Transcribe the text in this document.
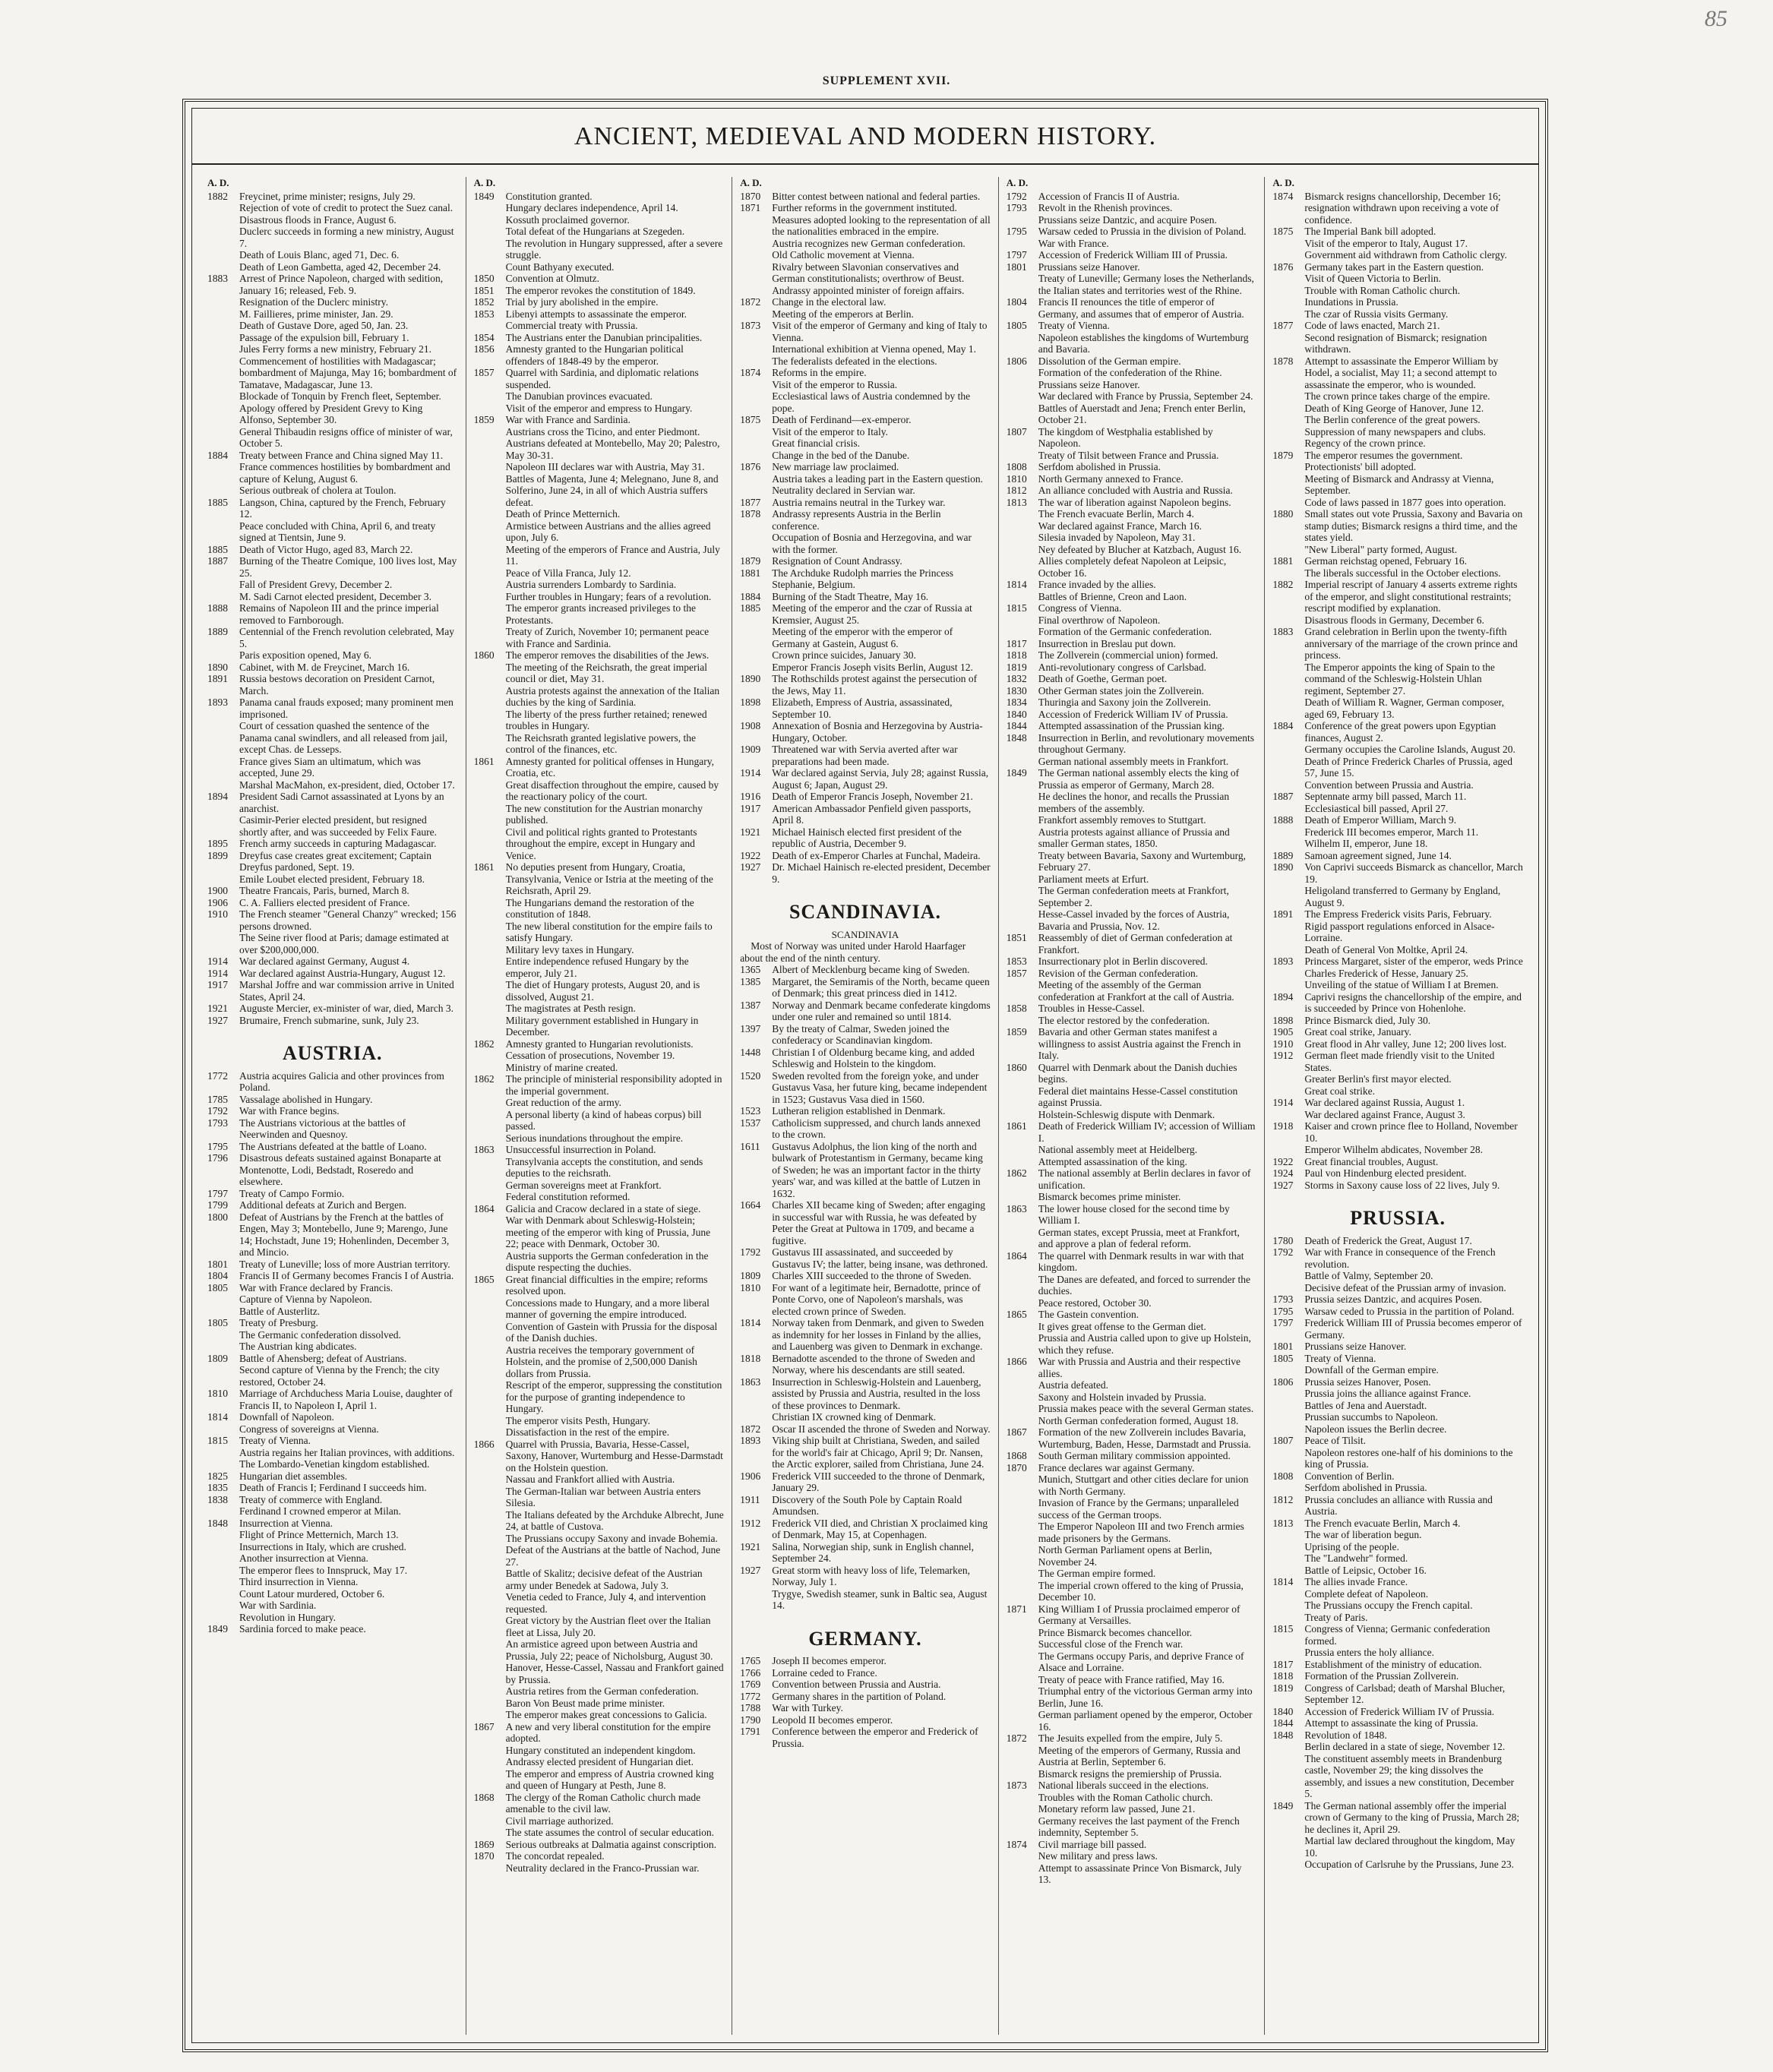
85
SUPPLEMENT XVII.
ANCIENT, MEDIEVAL AND MODERN HISTORY.
A. D.
1882	Freycinet, prime minister; resigns, July 29.
Rejection of vote of credit to protect the Suez canal.
Disastrous floods in France, August 6.
Duclerc succeeds in forming a new ministry, August 7.
Death of Louis Blanc, aged 71, Dec. 6.
Death of Leon Gambetta, aged 42, December 24.
1883	Arrest of Prince Napoleon, charged with sedition, January 16; released, Feb. 9.
Resignation of the Duclerc ministry.
M. Faillieres, prime minister, Jan. 29.
Death of Gustave Dore, aged 50, Jan. 23.
Passage of the expulsion bill, February 1.
Jules Ferry forms a new ministry, February 21.
Commencement of hostilities with Madagascar; bombardment of Majunga, May 16; bombardment of Tamatave, Madagascar, June 13.
Blockade of Tonquin by French fleet, September.
Apology offered by President Grevy to King Alfonso, September 30.
General Thibaudin resigns office of minister of war, October 5.
1884	Treaty between France and China signed May 11.
France commences hostilities by bombardment and capture of Kelung, August 6.
Serious outbreak of cholera at Toulon.
1885	Langson, China, captured by the French, February 12.
Peace concluded with China, April 6, and treaty signed at Tientsin, June 9.
1885	Death of Victor Hugo, aged 83, March 22.
1887	Burning of the Theatre Comique, 100 lives lost, May 25.
Fall of President Grevy, December 2.
M. Sadi Carnot elected president, December 3.
1888	Remains of Napoleon III and the prince imperial removed to Farnborough.
1889	Centennial of the French revolution celebrated, May 5.
Paris exposition opened, May 6.
1890	Cabinet, with M. de Freycinet, March 16.
1891	Russia bestows decoration on President Carnot, March.
1893	Panama canal frauds exposed; many prominent men imprisoned.
Court of cessation quashed the sentence of the Panama canal swindlers, and all released from jail, except Chas. de Lesseps.
France gives Siam an ultimatum, which was accepted, June 29.
Marshal MacMahon, ex-president, died, October 17.
1894	President Sadi Carnot assassinated at Lyons by an anarchist.
Casimir-Perier elected president, but resigned shortly after, and was succeeded by Felix Faure.
1895	French army succeeds in capturing Madagascar.
1899	Dreyfus case creates great excitement; Captain Dreyfus pardoned, Sept. 19.
Emile Loubet elected president, February 18.
1900	Theatre Francais, Paris, burned, March 8.
1906	C. A. Falliers elected president of France.
1910	The French steamer "General Chanzy" wrecked; 156 persons drowned.
The Seine river flood at Paris; damage estimated at over $200,000,000.
1914	War declared against Germany, August 4.
1914	War declared against Austria-Hungary, August 12.
1917	Marshal Joffre and war commission arrive in United States, April 24.
1921	Auguste Mercier, ex-minister of war, died, March 3.
1927	Brumaire, French submarine, sunk, July 23.
AUSTRIA.
1772	Austria acquires Galicia and other provinces from Poland.
1785	Vassalage abolished in Hungary.
1792	War with France begins.
1793	The Austrians victorious at the battles of Neerwinden and Quesnoy.
1795	The Austrians defeated at the battle of Loano.
1796	Disastrous defeats sustained against Bonaparte at Montenotte, Lodi, Bedstadt, Roseredo and elsewhere.
1797	Treaty of Campo Formio.
1799	Additional defeats at Zurich and Bergen.
1800	Defeat of Austrians by the French at the battles of Engen, May 3; Montebello, June 9; Marengo, June 14; Hochstadt, June 19; Hohenlinden, December 3, and Mincio.
1801	Treaty of Luneville; loss of more Austrian territory.
1804	Francis II of Germany becomes Francis I of Austria.
1805	War with France declared by Francis.
Capture of Vienna by Napoleon.
Battle of Austerlitz.
1805	Treaty of Presburg.
The Germanic confederation dissolved.
The Austrian king abdicates.
1809	Battle of Ahensberg; defeat of Austrians.
Second capture of Vienna by the French; the city restored, October 24.
1810	Marriage of Archduchess Maria Louise, daughter of Francis II, to Napoleon I, April 1.
1814	Downfall of Napoleon.
Congress of sovereigns at Vienna.
1815	Treaty of Vienna.
Austria regains her Italian provinces, with additions.
The Lombardo-Venetian kingdom established.
1825	Hungarian diet assembles.
1835	Death of Francis I; Ferdinand I succeeds him.
1838	Treaty of commerce with England.
Ferdinand I crowned emperor at Milan.
1848	Insurrection at Vienna.
Flight of Prince Metternich, March 13.
Insurrections in Italy, which are crushed.
Another insurrection at Vienna.
The emperor flees to Innspruck, May 17.
Third insurrection in Vienna.
Count Latour murdered, October 6.
War with Sardinia.
Revolution in Hungary.
1849	Sardinia forced to make peace.
A. D.
1849	Constitution granted.
Hungary declares independence, April 14.
Kossuth proclaimed governor.
Total defeat of the Hungarians at Szegeden.
The revolution in Hungary suppressed, after a severe struggle.
Count Bathyany executed.
1850	Convention at Olmutz.
1851	The emperor revokes the constitution of 1849.
1852	Trial by jury abolished in the empire.
1853	Libenyi attempts to assassinate the emperor.
Commercial treaty with Prussia.
1854	The Austrians enter the Danubian principalities.
1856	Amnesty granted to the Hungarian political offenders of 1848-49 by the emperor.
1857	Quarrel with Sardinia, and diplomatic relations suspended.
The Danubian provinces evacuated.
Visit of the emperor and empress to Hungary.
1859	War with France and Sardinia.
Austrians cross the Ticino, and enter Piedmont.
Austrians defeated at Montebello, May 20; Palestro, May 30-31.
Napoleon III declares war with Austria, May 31.
Battles of Magenta, June 4; Melegnano, June 8, and Solferino, June 24, in all of which Austria suffers defeat.
Death of Prince Metternich.
Armistice between Austrians and the allies agreed upon, July 6.
Meeting of the emperors of France and Austria, July 11.
Peace of Villa Franca, July 12.
Austria surrenders Lombardy to Sardinia.
Further troubles in Hungary; fears of a revolution.
The emperor grants increased privileges to the Protestants.
Treaty of Zurich, November 10; permanent peace with France and Sardinia.
1860	The emperor removes the disabilities of the Jews.
The meeting of the Reichsrath, the great imperial council or diet, May 31.
Austria protests against the annexation of the Italian duchies by the king of Sardinia.
The liberty of the press further retained; renewed troubles in Hungary.
The Reichsrath granted legislative powers, the control of the finances, etc.
1861	Amnesty granted for political offenses in Hungary, Croatia, etc.
Great disaffection throughout the empire, caused by the reactionary policy of the court.
The new constitution for the Austrian monarchy published.
Civil and political rights granted to Protestants throughout the empire, except in Hungary and Venice.
1861	No deputies present from Hungary, Croatia, Transylvania, Venice or Istria at the meeting of the Reichsrath, April 29.
The Hungarians demand the restoration of the constitution of 1848.
The new liberal constitution for the empire fails to satisfy Hungary.
Military levy taxes in Hungary.
Entire independence refused Hungary by the emperor, July 21.
The diet of Hungary protests, August 20, and is dissolved, August 21.
The magistrates at Pesth resign.
Military government established in Hungary in December.
1862	Amnesty granted to Hungarian revolutionists.
Cessation of prosecutions, November 19.
Ministry of marine created.
1862	The principle of ministerial responsibility adopted in the imperial government.
Great reduction of the army.
A personal liberty (a kind of habeas corpus) bill passed.
Serious inundations throughout the empire.
1863	Unsuccessful insurrection in Poland.
Transylvania accepts the constitution, and sends deputies to the reichsrath.
German sovereigns meet at Frankfort.
Federal constitution reformed.
1864	Galicia and Cracow declared in a state of siege.
War with Denmark about Schleswig-Holstein; meeting of the emperor with king of Prussia, June 22; peace with Denmark, October 30.
Austria supports the German confederation in the dispute respecting the duchies.
1865	Great financial difficulties in the empire; reforms resolved upon.
Concessions made to Hungary, and a more liberal manner of governing the empire introduced.
Convention of Gastein with Prussia for the disposal of the Danish duchies.
Austria receives the temporary government of Holstein, and the promise of 2,500,000 Danish dollars from Prussia.
Rescript of the emperor, suppressing the constitution for the purpose of granting independence to Hungary.
The emperor visits Pesth, Hungary.
Dissatisfaction in the rest of the empire.
1866	Quarrel with Prussia, Bavaria, Hesse-Cassel, Saxony, Hanover, Wurtemburg and Hesse-Darmstadt on the Holstein question.
Nassau and Frankfort allied with Austria.
The German-Italian war between Austria enters Silesia.
The Italians defeated by the Archduke Albrecht, June 24, at battle of Custova.
The Prussians occupy Saxony and invade Bohemia.
Defeat of the Austrians at the battle of Nachod, June 27.
Battle of Skalitz; decisive defeat of the Austrian army under Benedek at Sadowa, July 3.
Venetia ceded to France, July 4, and intervention requested.
Great victory by the Austrian fleet over the Italian fleet at Lissa, July 20.
An armistice agreed upon between Austria and Prussia, July 22; peace of Nicholsburg, August 30.
Hanover, Hesse-Cassel, Nassau and Frankfort gained by Prussia.
Austria retires from the German confederation.
Baron Von Beust made prime minister.
The emperor makes great concessions to Galicia.
1867	A new and very liberal constitution for the empire adopted.
Hungary constituted an independent kingdom.
Andrassy elected president of Hungarian diet.
The emperor and empress of Austria crowned king and queen of Hungary at Pesth, June 8.
1868	The clergy of the Roman Catholic church made amenable to the civil law.
Civil marriage authorized.
The state assumes the control of secular education.
1869	Serious outbreaks at Dalmatia against conscription.
1870	The concordat repealed.
Neutrality declared in the Franco-Prussian war.
A. D.
1870	Bitter contest between national and federal parties.
1871	Further reforms in the government instituted.
Measures adopted looking to the representation of all the nationalities embraced in the empire.
Austria recognizes new German confederation.
Old Catholic movement at Vienna.
Rivalry between Slavonian conservatives and German constitutionalists; overthrow of Beust.
Andrassy appointed minister of foreign affairs.
1872	Change in the electoral law.
Meeting of the emperors at Berlin.
1873	Visit of the emperor of Germany and king of Italy to Vienna.
International exhibition at Vienna opened, May 1.
The federalists defeated in the elections.
1874	Reforms in the empire.
Visit of the emperor to Russia.
Ecclesiastical laws of Austria condemned by the pope.
1875	Death of Ferdinand—ex-emperor.
Visit of the emperor to Italy.
Great financial crisis.
Change in the bed of the Danube.
1876	New marriage law proclaimed.
Austria takes a leading part in the Eastern question.
Neutrality declared in Servian war.
1877	Austria remains neutral in the Turkey war.
1878	Andrassy represents Austria in the Berlin conference.
Occupation of Bosnia and Herzegovina, and war with the former.
1879	Resignation of Count Andrassy.
1881	The Archduke Rudolph marries the Princess Stephanie, Belgium.
1884	Burning of the Stadt Theatre, May 16.
1885	Meeting of the emperor and the czar of Russia at Kremsier, August 25.
Meeting of the emperor with the emperor of Germany at Gastein, August 6.
Crown prince suicides, January 30.
Emperor Francis Joseph visits Berlin, August 12.
1890	The Rothschilds protest against the persecution of the Jews, May 11.
1898	Elizabeth, Empress of Austria, assassinated, September 10.
1908	Annexation of Bosnia and Herzegovina by Austria-Hungary, October.
1909	Threatened war with Servia averted after war preparations had been made.
1914	War declared against Servia, July 28; against Russia, August 6; Japan, August 29.
1916	Death of Emperor Francis Joseph, November 21.
1917	American Ambassador Penfield given passports, April 8.
1921	Michael Hainisch elected first president of the republic of Austria, December 9.
1922	Death of ex-Emperor Charles at Funchal, Madeira.
1927	Dr. Michael Hainisch re-elected president, December 9.
SCANDINAVIA.
SCANDINAVIA
Most of Norway was united under Harold Haarfager about the end of the ninth century.
1365	Albert of Mecklenburg became king of Sweden.
1385	Margaret, the Semiramis of the North, became queen of Denmark; this great princess died in 1412.
1387	Norway and Denmark became confederate kingdoms under one ruler and remained so until 1814.
1397	By the treaty of Calmar, Sweden joined the confederacy or Scandinavian kingdom.
1448	Christian I of Oldenburg became king, and added Schleswig and Holstein to the kingdom.
1520	Sweden revolted from the foreign yoke, and under Gustavus Vasa, her future king, became independent in 1523; Gustavus Vasa died in 1560.
1523	Lutheran religion established in Denmark.
1537	Catholicism suppressed, and church lands annexed to the crown.
1611	Gustavus Adolphus, the lion king of the north and bulwark of Protestantism in Germany, became king of Sweden; he was an important factor in the thirty years' war, and was killed at the battle of Lutzen in 1632.
1664	Charles XII became king of Sweden; after engaging in successful war with Russia, he was defeated by Peter the Great at Pultowa in 1709, and became a fugitive.
1792	Gustavus III assassinated, and succeeded by Gustavus IV; the latter, being insane, was dethroned.
1809	Charles XIII succeeded to the throne of Sweden.
1810	For want of a legitimate heir, Bernadotte, prince of Ponte Corvo, one of Napoleon's marshals, was elected crown prince of Sweden.
1814	Norway taken from Denmark, and given to Sweden as indemnity for her losses in Finland by the allies, and Lauenberg was given to Denmark in exchange.
1818	Bernadotte ascended to the throne of Sweden and Norway, where his descendants are still seated.
1863	Insurrection in Schleswig-Holstein and Lauenberg, assisted by Prussia and Austria, resulted in the loss of these provinces to Denmark.
Christian IX crowned king of Denmark.
1872	Oscar II ascended the throne of Sweden and Norway.
1893	Viking ship built at Christiana, Sweden, and sailed for the world's fair at Chicago, April 9; Dr. Nansen, the Arctic explorer, sailed from Christiana, June 24.
1906	Frederick VIII succeeded to the throne of Denmark, January 29.
1911	Discovery of the South Pole by Captain Roald Amundsen.
1912	Frederick VII died, and Christian X proclaimed king of Denmark, May 15, at Copenhagen.
1921	Salina, Norwegian ship, sunk in English channel, September 24.
1927	Great storm with heavy loss of life, Telemarken, Norway, July 1.
Trygye, Swedish steamer, sunk in Baltic sea, August 14.
GERMANY.
1765	Joseph II becomes emperor.
1766	Lorraine ceded to France.
1769	Convention between Prussia and Austria.
1772	Germany shares in the partition of Poland.
1788	War with Turkey.
1790	Leopold II becomes emperor.
1791	Conference between the emperor and Frederick of Prussia.
A. D.
1792	Accession of Francis II of Austria.
1793	Revolt in the Rhenish provinces.
Prussians seize Dantzic, and acquire Posen.
1795	Warsaw ceded to Prussia in the division of Poland.
War with France.
1797	Accession of Frederick William III of Prussia.
1801	Prussians seize Hanover.
Treaty of Luneville; Germany loses the Netherlands, the Italian states and territories west of the Rhine.
1804	Francis II renounces the title of emperor of Germany, and assumes that of emperor of Austria.
1805	Treaty of Vienna.
Napoleon establishes the kingdoms of Wurtemburg and Bavaria.
1806	Dissolution of the German empire.
Formation of the confederation of the Rhine.
Prussians seize Hanover.
War declared with France by Prussia, September 24.
Battles of Auerstadt and Jena; French enter Berlin, October 21.
1807	The kingdom of Westphalia established by Napoleon.
Treaty of Tilsit between France and Prussia.
1808	Serfdom abolished in Prussia.
1810	North Germany annexed to France.
1812	An alliance concluded with Austria and Russia.
1813	The war of liberation against Napoleon begins.
The French evacuate Berlin, March 4.
War declared against France, March 16.
Silesia invaded by Napoleon, May 31.
Ney defeated by Blucher at Katzbach, August 16.
Allies completely defeat Napoleon at Leipsic, October 16.
1814	France invaded by the allies.
Battles of Brienne, Creon and Laon.
1815	Congress of Vienna.
Final overthrow of Napoleon.
Formation of the Germanic confederation.
1817	Insurrection in Breslau put down.
1818	The Zollverein (commercial union) formed.
1819	Anti-revolutionary congress of Carlsbad.
1832	Death of Goethe, German poet.
1830	Other German states join the Zollverein.
1834	Thuringia and Saxony join the Zollverein.
1840	Accession of Frederick William IV of Prussia.
1844	Attempted assassination of the Prussian king.
1848	Insurrection in Berlin, and revolutionary movements throughout Germany.
German national assembly meets in Frankfort.
1849	The German national assembly elects the king of Prussia as emperor of Germany, March 28.
He declines the honor, and recalls the Prussian members of the assembly.
Frankfort assembly removes to Stuttgart.
Austria protests against alliance of Prussia and smaller German states, 1850.
Treaty between Bavaria, Saxony and Wurtemburg, February 27.
Parliament meets at Erfurt.
The German confederation meets at Frankfort, September 2.
Hesse-Cassel invaded by the forces of Austria, Bavaria and Prussia, Nov. 12.
1851	Reassembly of diet of German confederation at Frankfort.
1853	Insurrectionary plot in Berlin discovered.
1857	Revision of the German confederation.
Meeting of the assembly of the German confederation at Frankfort at the call of Austria.
1858	Troubles in Hesse-Cassel.
The elector restored by the confederation.
1859	Bavaria and other German states manifest a willingness to assist Austria against the French in Italy.
1860	Quarrel with Denmark about the Danish duchies begins.
Federal diet maintains Hesse-Cassel constitution against Prussia.
Holstein-Schleswig dispute with Denmark.
1861	Death of Frederick William IV; accession of William I.
National assembly meet at Heidelberg.
Attempted assassination of the king.
1862	The national assembly at Berlin declares in favor of unification.
Bismarck becomes prime minister.
1863	The lower house closed for the second time by William I.
German states, except Prussia, meet at Frankfort, and approve a plan of federal reform.
1864	The quarrel with Denmark results in war with that kingdom.
The Danes are defeated, and forced to surrender the duchies.
Peace restored, October 30.
1865	The Gastein convention.
It gives great offense to the German diet.
Prussia and Austria called upon to give up Holstein, which they refuse.
1866	War with Prussia and Austria and their respective allies.
Austria defeated.
Saxony and Holstein invaded by Prussia.
Prussia makes peace with the several German states.
North German confederation formed, August 18.
1867	Formation of the new Zollverein includes Bavaria, Wurtemburg, Baden, Hesse, Darmstadt and Prussia.
1868	South German military commission appointed.
1870	France declares war against Germany.
Munich, Stuttgart and other cities declare for union with North Germany.
Invasion of France by the Germans; unparalleled success of the German troops.
The Emperor Napoleon III and two French armies made prisoners by the Germans.
North German Parliament opens at Berlin, November 24.
The German empire formed.
The imperial crown offered to the king of Prussia, December 10.
1871	King William I of Prussia proclaimed emperor of Germany at Versailles.
Prince Bismarck becomes chancellor.
Successful close of the French war.
The Germans occupy Paris, and deprive France of Alsace and Lorraine.
Treaty of peace with France ratified, May 16.
Triumphal entry of the victorious German army into Berlin, June 16.
German parliament opened by the emperor, October 16.
1872	The Jesuits expelled from the empire, July 5.
Meeting of the emperors of Germany, Russia and Austria at Berlin, September 6.
Bismarck resigns the premiership of Prussia.
1873	National liberals succeed in the elections.
Troubles with the Roman Catholic church.
Monetary reform law passed, June 21.
Germany receives the last payment of the French indemnity, September 5.
1874	Civil marriage bill passed.
New military and press laws.
Attempt to assassinate Prince Von Bismarck, July 13.
A. D.
1874	Bismarck resigns chancellorship, December 16; resignation withdrawn upon receiving a vote of confidence.
1875	The Imperial Bank bill adopted.
Visit of the emperor to Italy, August 17.
Government aid withdrawn from Catholic clergy.
1876	Germany takes part in the Eastern question.
Visit of Queen Victoria to Berlin.
Trouble with Roman Catholic church.
Inundations in Prussia.
The czar of Russia visits Germany.
1877	Code of laws enacted, March 21.
Second resignation of Bismarck; resignation withdrawn.
1878	Attempt to assassinate the Emperor William by Hodel, a socialist, May 11; a second attempt to assassinate the emperor, who is wounded.
The crown prince takes charge of the empire.
Death of King George of Hanover, June 12.
The Berlin conference of the great powers.
Suppression of many newspapers and clubs.
Regency of the crown prince.
1879	The emperor resumes the government.
Protectionists' bill adopted.
Meeting of Bismarck and Andrassy at Vienna, September.
Code of laws passed in 1877 goes into operation.
1880	Small states out vote Prussia, Saxony and Bavaria on stamp duties; Bismarck resigns a third time, and the states yield.
"New Liberal" party formed, August.
1881	German reichstag opened, February 16.
The liberals successful in the October elections.
1882	Imperial rescript of January 4 asserts extreme rights of the emperor, and slight constitutional restraints; rescript modified by explanation.
Disastrous floods in Germany, December 6.
1883	Grand celebration in Berlin upon the twenty-fifth anniversary of the marriage of the crown prince and princess.
The Emperor appoints the king of Spain to the command of the Schleswig-Holstein Uhlan regiment, September 27.
Death of William R. Wagner, German composer, aged 69, February 13.
1884	Conference of the great powers upon Egyptian finances, August 2.
Germany occupies the Caroline Islands, August 20.
Death of Prince Frederick Charles of Prussia, aged 57, June 15.
Convention between Prussia and Austria.
1887	Septennate army bill passed, March 11.
Ecclesiastical bill passed, April 27.
1888	Death of Emperor William, March 9.
Frederick III becomes emperor, March 11.
Wilhelm II, emperor, June 18.
1889	Samoan agreement signed, June 14.
1890	Von Caprivi succeeds Bismarck as chancellor, March 19.
Heligoland transferred to Germany by England, August 9.
1891	The Empress Frederick visits Paris, February.
Rigid passport regulations enforced in Alsace-Lorraine.
Death of General Von Moltke, April 24.
1893	Princess Margaret, sister of the emperor, weds Prince Charles Frederick of Hesse, January 25.
Unveiling of the statue of William I at Bremen.
1894	Caprivi resigns the chancellorship of the empire, and is succeeded by Prince von Hohenlohe.
1898	Prince Bismarck died, July 30.
1905	Great coal strike, January.
1910	Great flood in Ahr valley, June 12; 200 lives lost.
1912	German fleet made friendly visit to the United States.
Greater Berlin's first mayor elected.
Great coal strike.
1914	War declared against Russia, August 1.
War declared against France, August 3.
1918	Kaiser and crown prince flee to Holland, November 10.
Emperor Wilhelm abdicates, November 28.
1922	Great financial troubles, August.
1924	Paul von Hindenburg elected president.
1927	Storms in Saxony cause loss of 22 lives, July 9.
PRUSSIA.
1780	Death of Frederick the Great, August 17.
1792	War with France in consequence of the French revolution.
Battle of Valmy, September 20.
Decisive defeat of the Prussian army of invasion.
1793	Prussia seizes Dantzic, and acquires Posen.
1795	Warsaw ceded to Prussia in the partition of Poland.
1797	Frederick William III of Prussia becomes emperor of Germany.
1801	Prussians seize Hanover.
1805	Treaty of Vienna.
Downfall of the German empire.
1806	Prussia seizes Hanover, Posen.
Prussia joins the alliance against France.
Battles of Jena and Auerstadt.
Prussian succumbs to Napoleon.
Napoleon issues the Berlin decree.
1807	Peace of Tilsit.
Napoleon restores one-half of his dominions to the king of Prussia.
1808	Convention of Berlin.
Serfdom abolished in Prussia.
1812	Prussia concludes an alliance with Russia and Austria.
1813	The French evacuate Berlin, March 4.
The war of liberation begun.
Uprising of the people.
The "Landwehr" formed.
Battle of Leipsic, October 16.
1814	The allies invade France.
Complete defeat of Napoleon.
The Prussians occupy the French capital.
Treaty of Paris.
1815	Congress of Vienna; Germanic confederation formed.
Prussia enters the holy alliance.
1817	Establishment of the ministry of education.
1818	Formation of the Prussian Zollverein.
1819	Congress of Carlsbad; death of Marshal Blucher, September 12.
1840	Accession of Frederick William IV of Prussia.
1844	Attempt to assassinate the king of Prussia.
1848	Revolution of 1848.
Berlin declared in a state of siege, November 12.
The constituent assembly meets in Brandenburg castle, November 29; the king dissolves the assembly, and issues a new constitution, December 5.
1849	The German national assembly offer the imperial crown of Germany to the king of Prussia, March 28; he declines it, April 29.
Martial law declared throughout the kingdom, May 10.
Occupation of Carlsruhe by the Prussians, June 23.
